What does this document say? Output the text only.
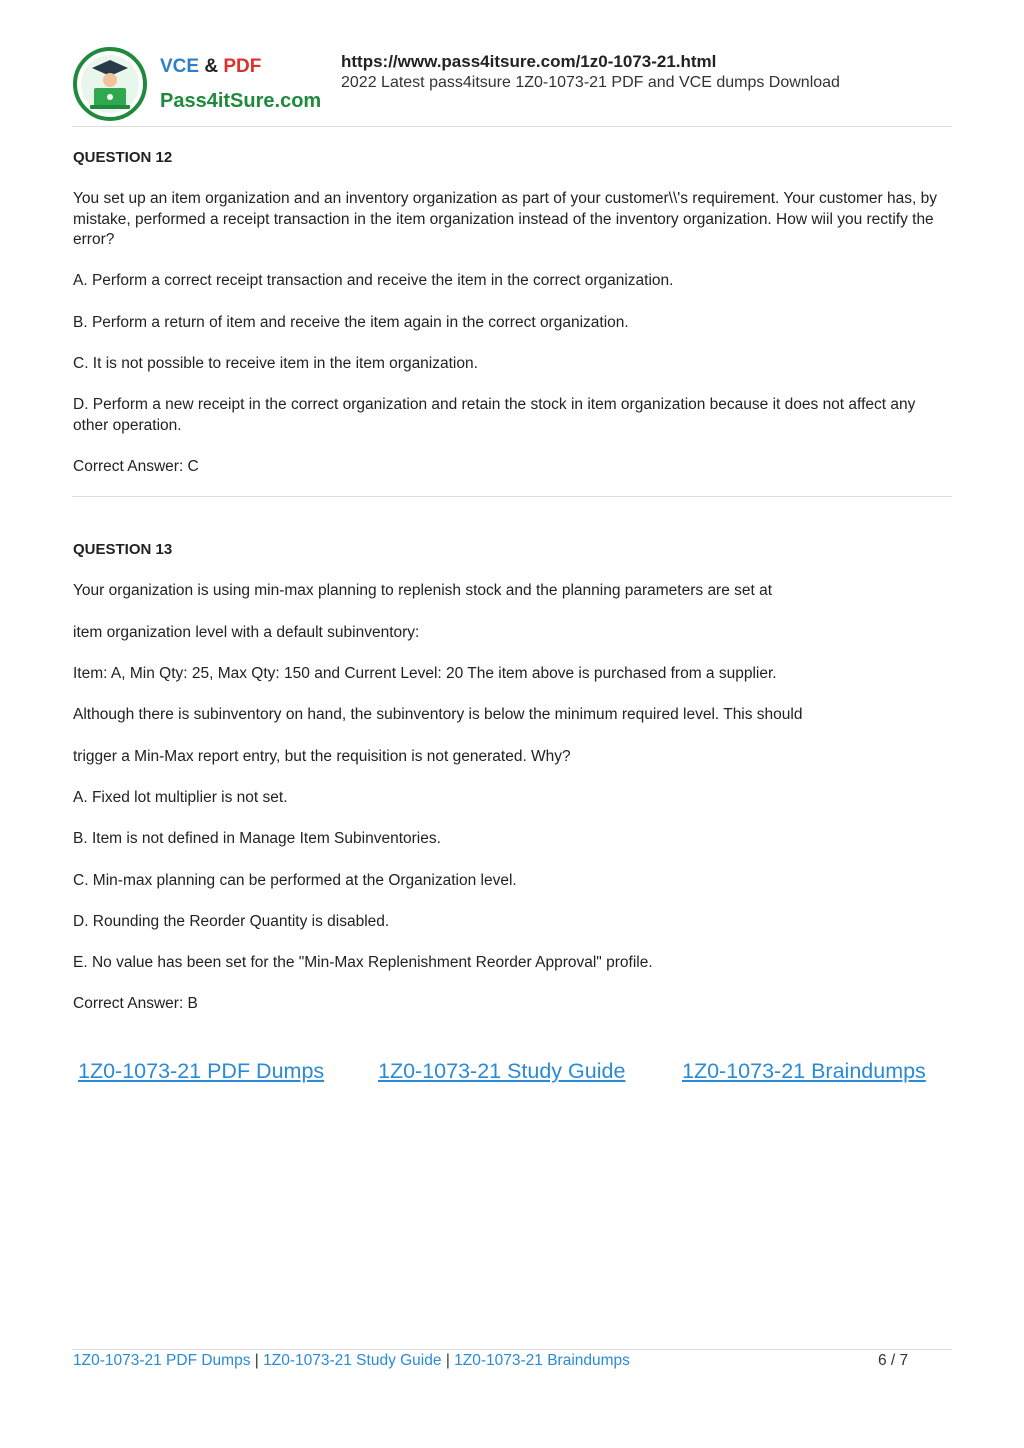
VCE & PDF
Pass4itSure.com
https://www.pass4itsure.com/1z0-1073-21.html
2022 Latest pass4itsure 1Z0-1073-21 PDF and VCE dumps Download
QUESTION 12
You set up an item organization and an inventory organization as part of your customer\\'s requirement. Your customer has, by mistake, performed a receipt transaction in the item organization instead of the inventory organization. How wiil you rectify the error?
A. Perform a correct receipt transaction and receive the item in the correct organization.
B. Perform a return of item and receive the item again in the correct organization.
C. It is not possible to receive item in the item organization.
D. Perform a new receipt in the correct organization and retain the stock in item organization because it does not affect any other operation.
Correct Answer: C
QUESTION 13
Your organization is using min-max planning to replenish stock and the planning parameters are set at
item organization level with a default subinventory:
Item: A, Min Qty: 25, Max Qty: 150 and Current Level: 20 The item above is purchased from a supplier.
Although there is subinventory on hand, the subinventory is below the minimum required level. This should
trigger a Min-Max report entry, but the requisition is not generated. Why?
A. Fixed lot multiplier is not set.
B. Item is not defined in Manage Item Subinventories.
C. Min-max planning can be performed at the Organization level.
D. Rounding the Reorder Quantity is disabled.
E. No value has been set for the "Min-Max Replenishment Reorder Approval" profile.
Correct Answer: B
1Z0-1073-21 PDF Dumps	1Z0-1073-21 Study Guide	1Z0-1073-21 Braindumps
1Z0-1073-21 PDF Dumps | 1Z0-1073-21 Study Guide | 1Z0-1073-21 Braindumps	6 / 7
